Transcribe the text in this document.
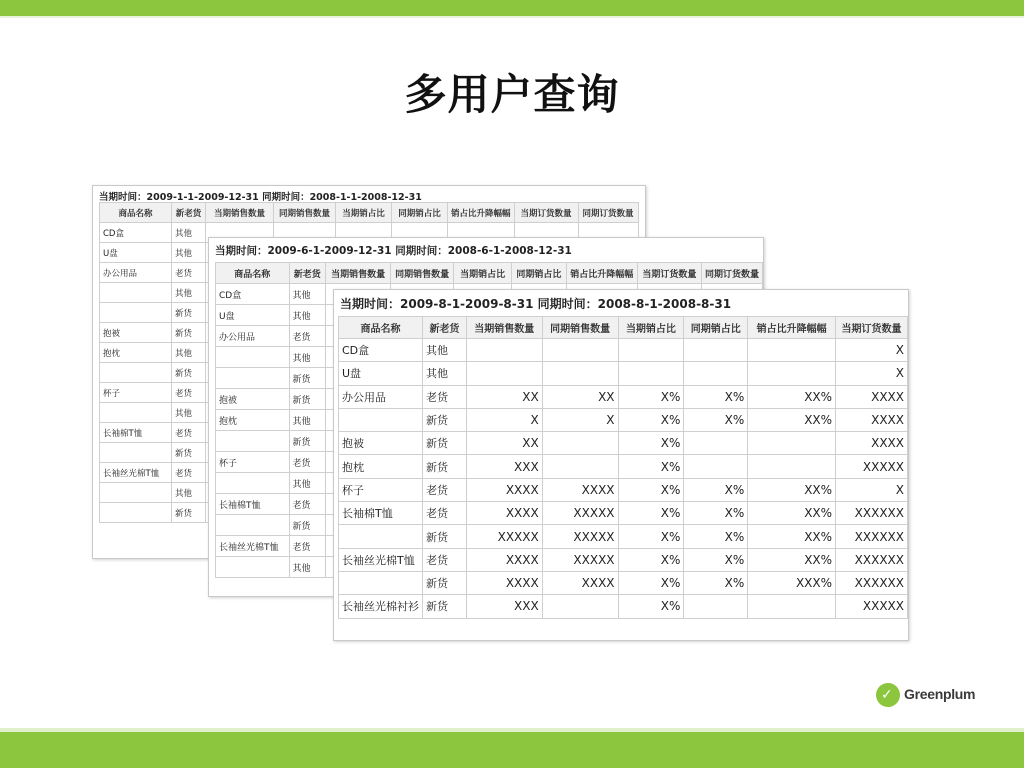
多用户查询
当期时间：2009-1-1-2009-12-31 同期时间：2008-1-1-2008-12-31
商品名称	新老货	当期销售数量	同期销售数量	当期销占比	同期销占比	销占比升降幅幅	当期订货数量	同期订货数量
CD盒	其他							
U盘	其他							
办公用品	老货							
	其他							
	新货							
抱被	新货							
抱枕	其他							
	新货							
杯子	老货							
	其他							
长袖棉T恤	老货							
	新货							
长袖丝光棉T恤	老货							
	其他							
	新货							
当期时间：2009-6-1-2009-12-31 同期时间：2008-6-1-2008-12-31
商品名称	新老货	当期销售数量	同期销售数量	当期销占比	同期销占比	销占比升降幅幅	当期订货数量	同期订货数量
CD盒	其他							
U盘	其他							
办公用品	老货							
	其他							
	新货							
抱被	新货							
抱枕	其他							
	新货							
杯子	老货							
	其他							
长袖棉T恤	老货							
	新货							
长袖丝光棉T恤	老货							
	其他							
当期时间：2009-8-1-2009-8-31 同期时间：2008-8-1-2008-8-31
商品名称	新老货	当期销售数量	同期销售数量	当期销占比	同期销占比	销占比升降幅幅	当期订货数量
CD盒	其他						X
U盘	其他						X
办公用品	老货	XX	XX	X%	X%	XX%	XXXX
	新货	X	X	X%	X%	XX%	XXXX
抱被	新货	XX		X%			XXXX
抱枕	新货	XXX		X%			XXXXX
杯子	老货	XXXX	XXXX	X%	X%	XX%	X
长袖棉T恤	老货	XXXX	XXXXX	X%	X%	XX%	XXXXXX
	新货	XXXXX	XXXXX	X%	X%	XX%	XXXXXX
长袖丝光棉T恤	老货	XXXX	XXXXX	X%	X%	XX%	XXXXXX
	新货	XXXX	XXXX	X%	X%	XXX%	XXXXXX
长袖丝光棉衬衫	新货	XXX		X%			XXXXX
✓ Greenplum
